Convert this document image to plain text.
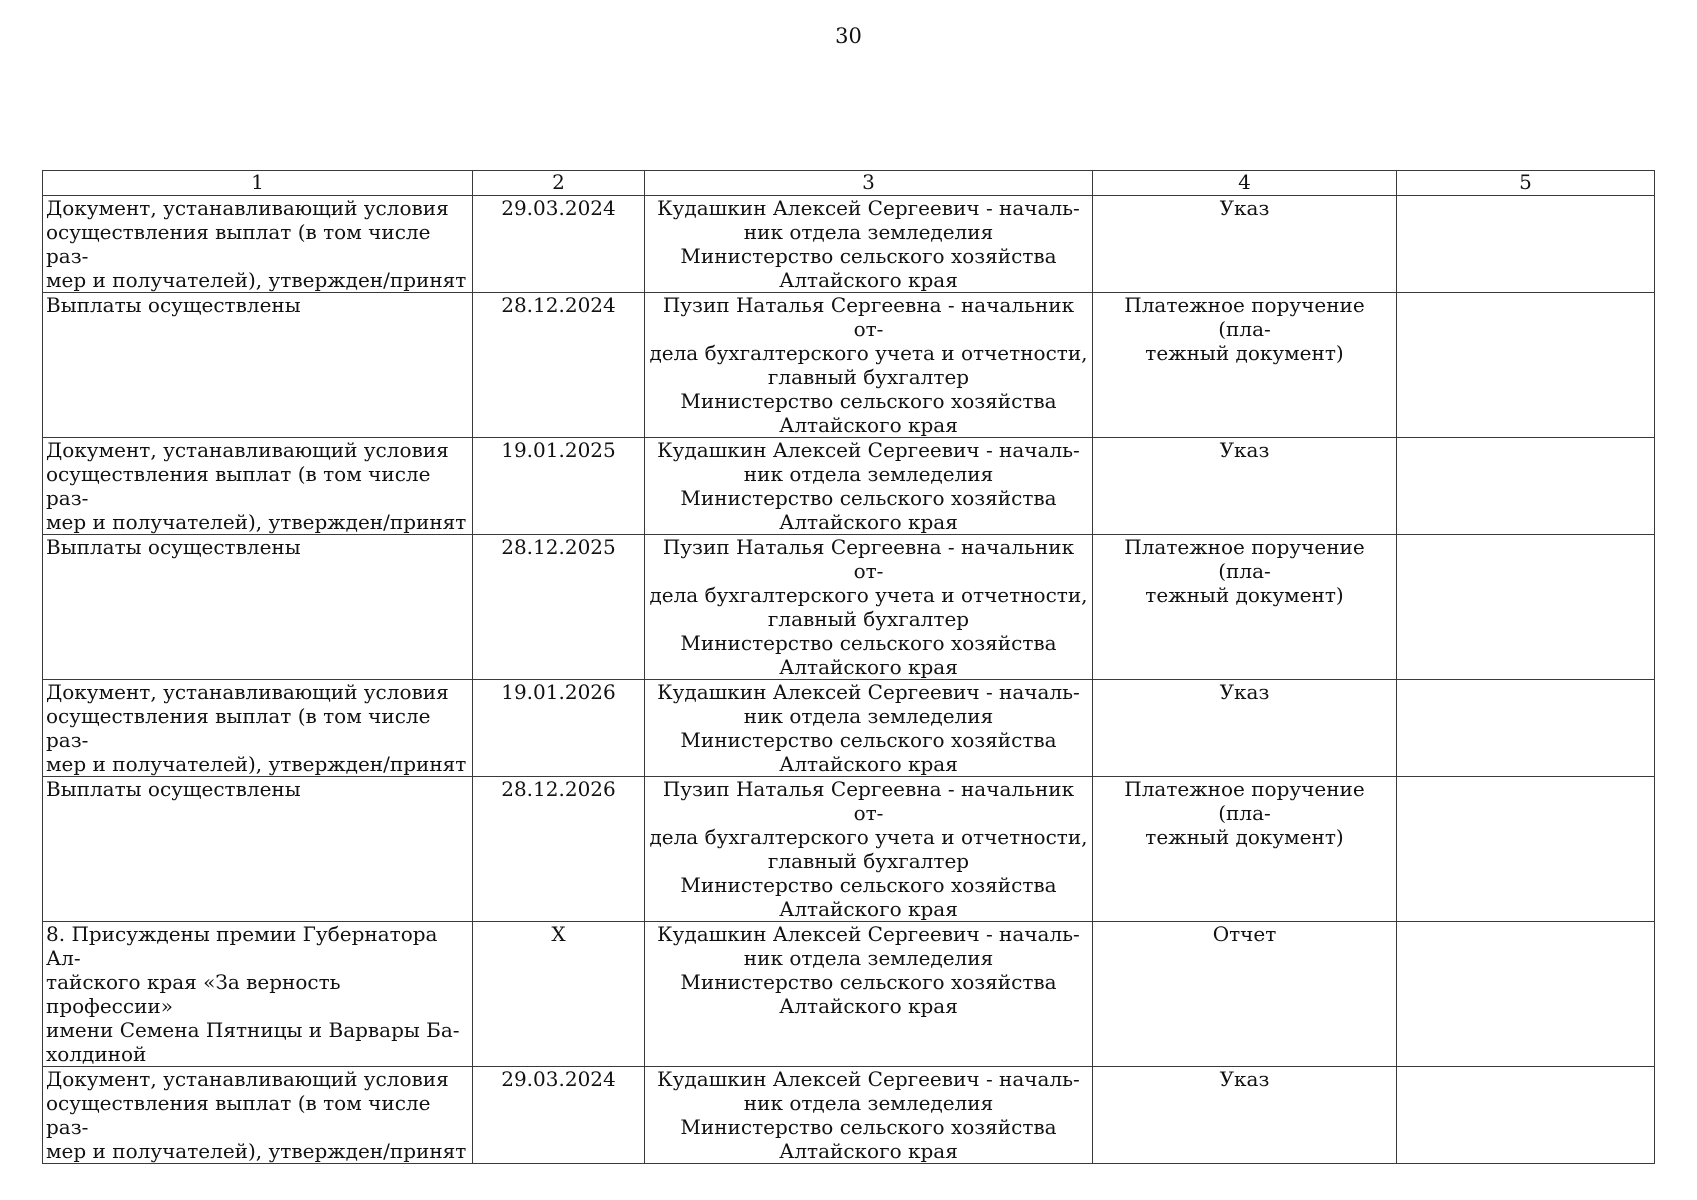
30
1	2	3	4	5

Документ, устанавливающий условия
осуществления выплат (в том числе раз-
мер и получателей), утвержден/принят	29.03.2024	Кудашкин Алексей Сергеевич - началь-
ник отдела земледелия
Министерство сельского хозяйства
Алтайского края	Указ	

Выплаты осуществлены	28.12.2024	Пузип Наталья Сергеевна - начальник от-
дела бухгалтерского учета и отчетности,
главный бухгалтер
Министерство сельского хозяйства
Алтайского края	Платежное поручение (пла-
тежный документ)	

Документ, устанавливающий условия
осуществления выплат (в том числе раз-
мер и получателей), утвержден/принят	19.01.2025	Кудашкин Алексей Сергеевич - началь-
ник отдела земледелия
Министерство сельского хозяйства
Алтайского края	Указ	

Выплаты осуществлены	28.12.2025	Пузип Наталья Сергеевна - начальник от-
дела бухгалтерского учета и отчетности,
главный бухгалтер
Министерство сельского хозяйства
Алтайского края	Платежное поручение (пла-
тежный документ)	

Документ, устанавливающий условия
осуществления выплат (в том числе раз-
мер и получателей), утвержден/принят	19.01.2026	Кудашкин Алексей Сергеевич - началь-
ник отдела земледелия
Министерство сельского хозяйства
Алтайского края	Указ	

Выплаты осуществлены	28.12.2026	Пузип Наталья Сергеевна - начальник от-
дела бухгалтерского учета и отчетности,
главный бухгалтер
Министерство сельского хозяйства
Алтайского края	Платежное поручение (пла-
тежный документ)	

8. Присуждены премии Губернатора Ал-
тайского края «За верность профессии»
имени Семена Пятницы и Варвары Ба-
холдиной	X	Кудашкин Алексей Сергеевич - началь-
ник отдела земледелия
Министерство сельского хозяйства
Алтайского края	Отчет	

Документ, устанавливающий условия
осуществления выплат (в том числе раз-
мер и получателей), утвержден/принят	29.03.2024	Кудашкин Алексей Сергеевич - началь-
ник отдела земледелия
Министерство сельского хозяйства
Алтайского края	Указ	
